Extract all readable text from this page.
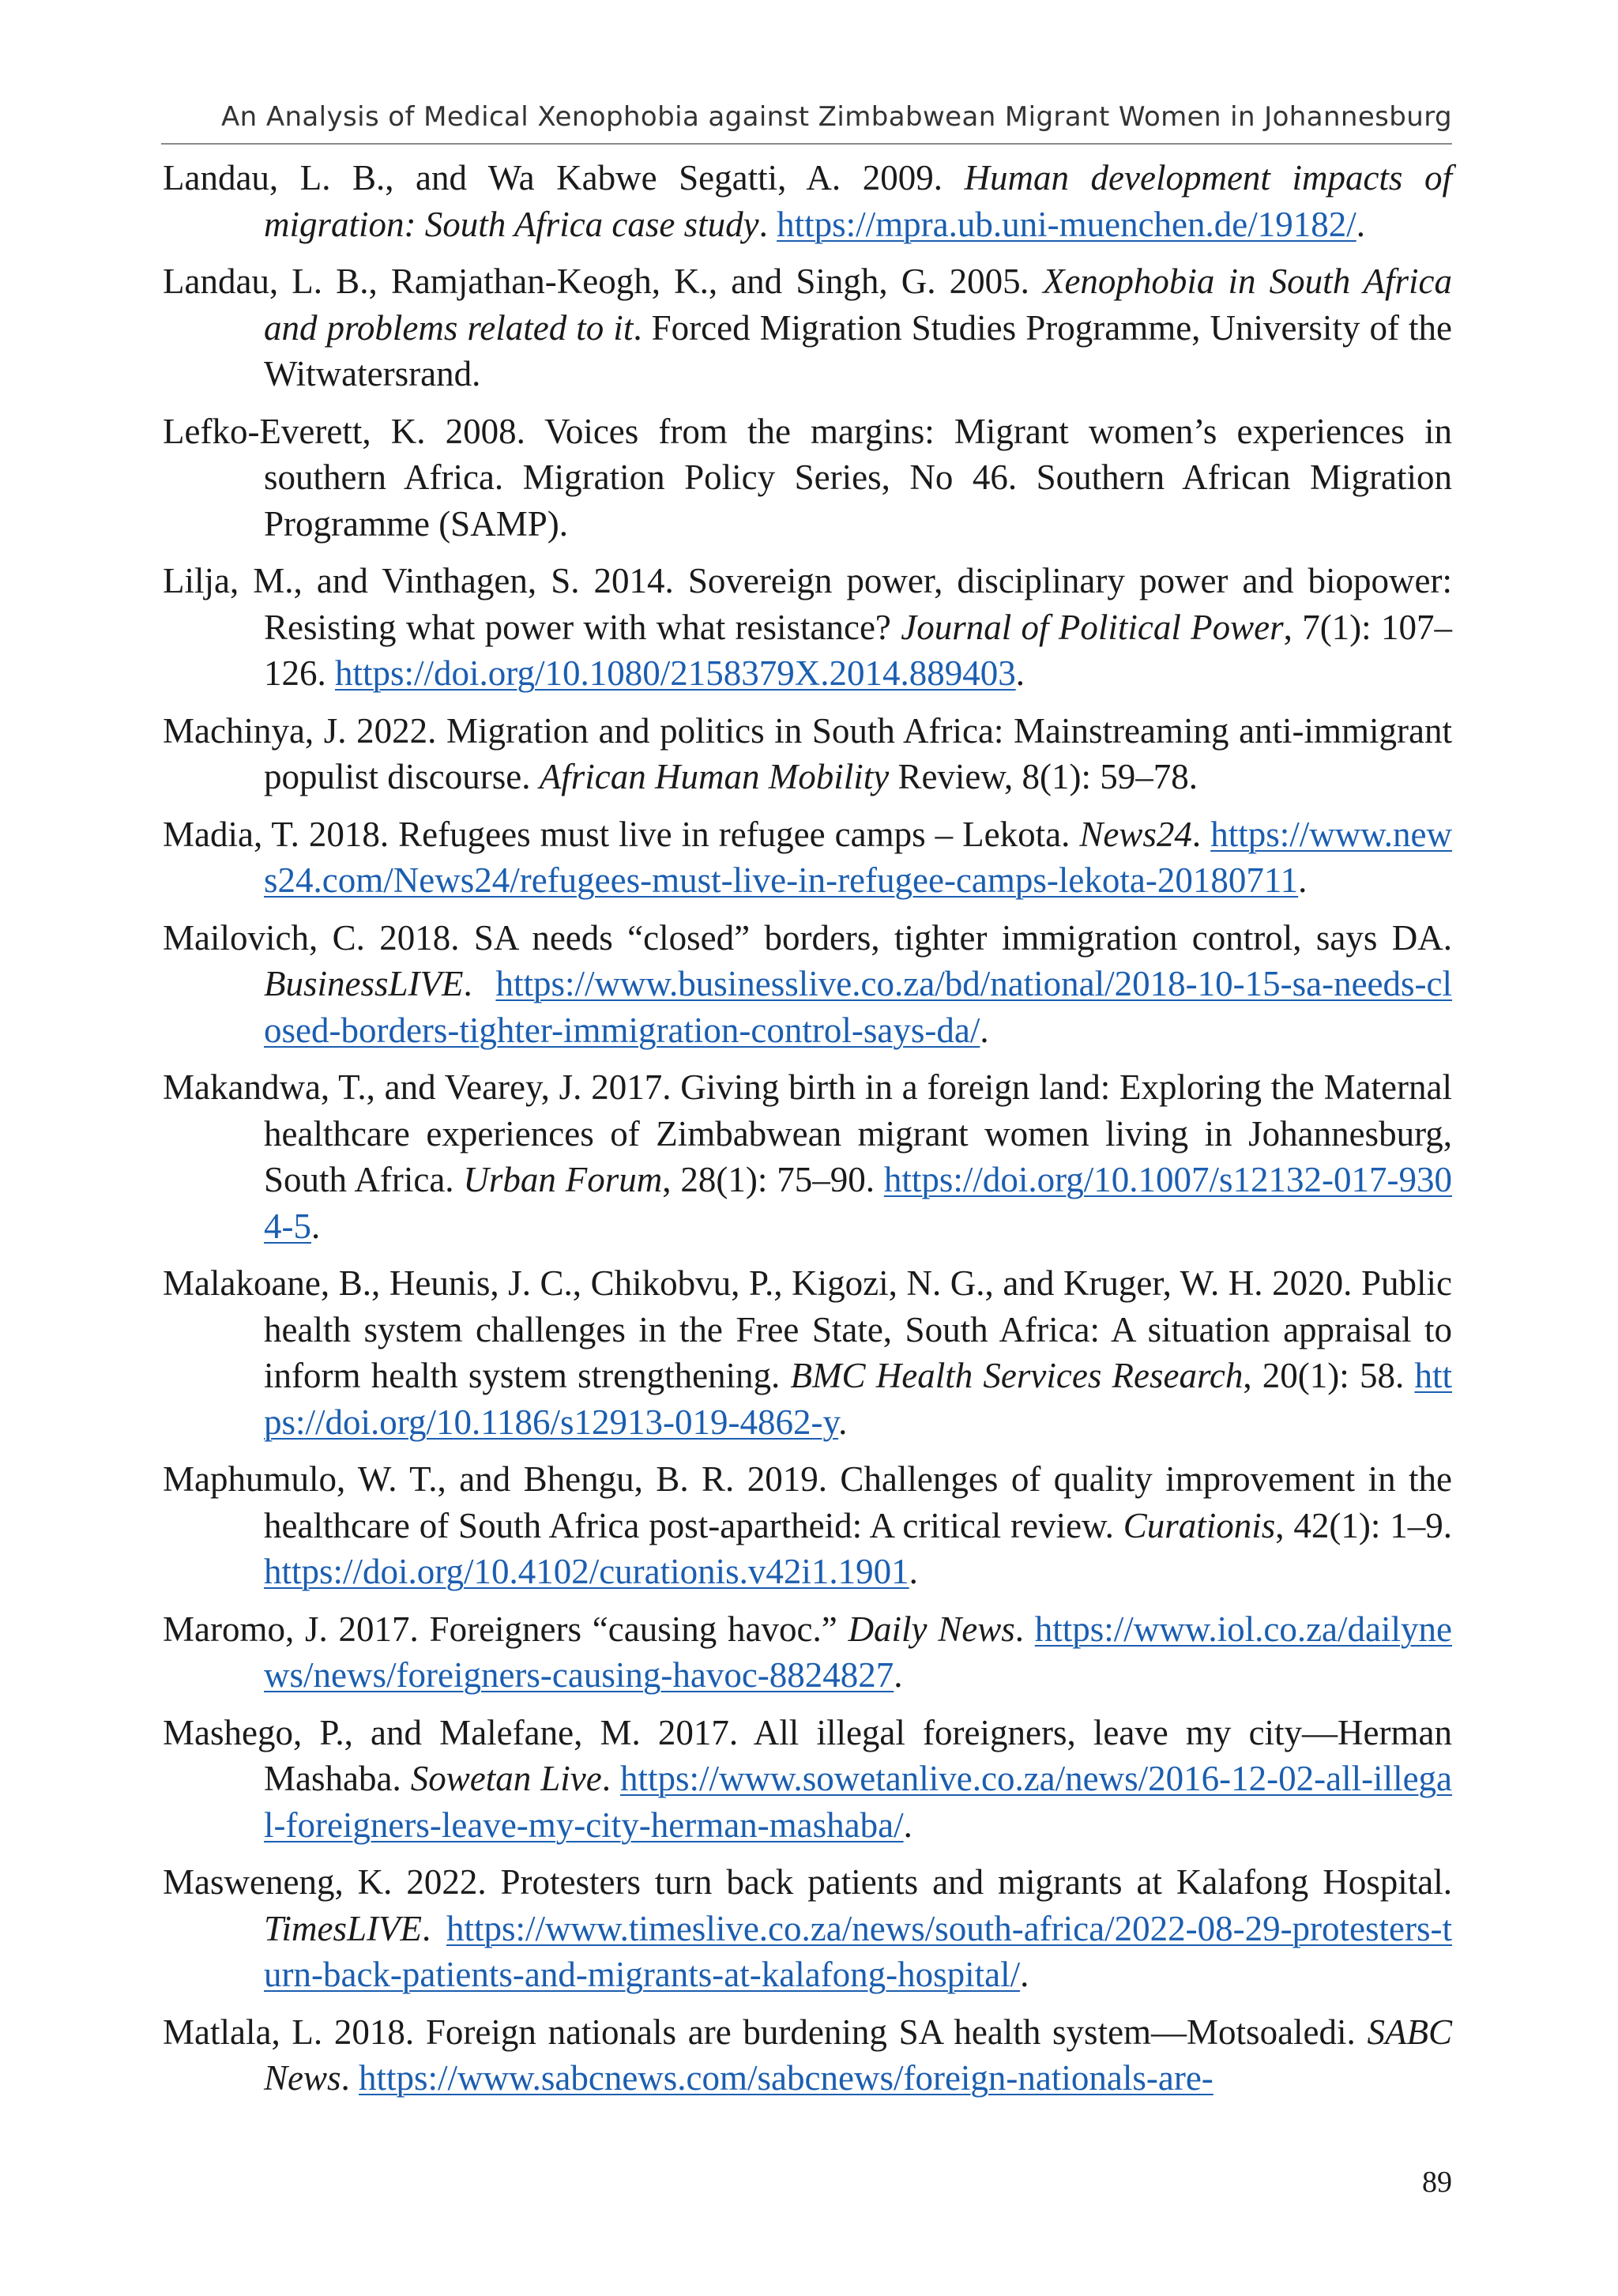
An Analysis of Medical Xenophobia against Zimbabwean Migrant Women in Johannesburg

Landau, L. B., and Wa Kabwe Segatti, A. 2009. Human development impacts of migration: South Africa case study. https://mpra.ub.uni-muenchen.de/19182/.

Landau, L. B., Ramjathan-Keogh, K., and Singh, G. 2005. Xenophobia in South Africa and problems related to it. Forced Migration Studies Programme, University of the Witwatersrand.

Lefko-Everett, K. 2008. Voices from the margins: Migrant women’s experiences in southern Africa. Migration Policy Series, No 46. Southern African Migration Programme (SAMP).

Lilja, M., and Vinthagen, S. 2014. Sovereign power, disciplinary power and biopower: Resisting what power with what resistance? Journal of Political Power, 7(1): 107–126. https://doi.org/10.1080/2158379X.2014.889403.

Machinya, J. 2022. Migration and politics in South Africa: Mainstreaming anti-immigrant populist discourse. African Human Mobility Review, 8(1): 59–78.

Madia, T. 2018. Refugees must live in refugee camps – Lekota. News24. https://www.news24.com/News24/refugees-must-live-in-refugee-camps-lekota-20180711.

Mailovich, C. 2018. SA needs “closed” borders, tighter immigration control, says DA. BusinessLIVE. https://www.businesslive.co.za/bd/national/2018-10-15-sa-needs-closed-borders-tighter-immigration-control-says-da/.

Makandwa, T., and Vearey, J. 2017. Giving birth in a foreign land: Exploring the Maternal healthcare experiences of Zimbabwean migrant women living in Johannesburg, South Africa. Urban Forum, 28(1): 75–90. https://doi.org/10.1007/s12132-017-9304-5.

Malakoane, B., Heunis, J. C., Chikobvu, P., Kigozi, N. G., and Kruger, W. H. 2020. Public health system challenges in the Free State, South Africa: A situation appraisal to inform health system strengthening. BMC Health Services Research, 20(1): 58. https://doi.org/10.1186/s12913-019-4862-y.

Maphumulo, W. T., and Bhengu, B. R. 2019. Challenges of quality improvement in the healthcare of South Africa post-apartheid: A critical review. Curationis, 42(1): 1–9. https://doi.org/10.4102/curationis.v42i1.1901.

Maromo, J. 2017. Foreigners “causing havoc.” Daily News. https://www.iol.co.za/dailynews/news/foreigners-causing-havoc-8824827.

Mashego, P., and Malefane, M. 2017. All illegal foreigners, leave my city—Herman Mashaba. Sowetan Live. https://www.sowetanlive.co.za/news/2016-12-02-all-illegal-foreigners-leave-my-city-herman-mashaba/.

Masweneng, K. 2022. Protesters turn back patients and migrants at Kalafong Hospital. TimesLIVE. https://www.timeslive.co.za/news/south-africa/2022-08-29-protesters-turn-back-patients-and-migrants-at-kalafong-hospital/.

Matlala, L. 2018. Foreign nationals are burdening SA health system—Motsoaledi. SABC News. https://www.sabcnews.com/sabcnews/foreign-nationals-are-

89
